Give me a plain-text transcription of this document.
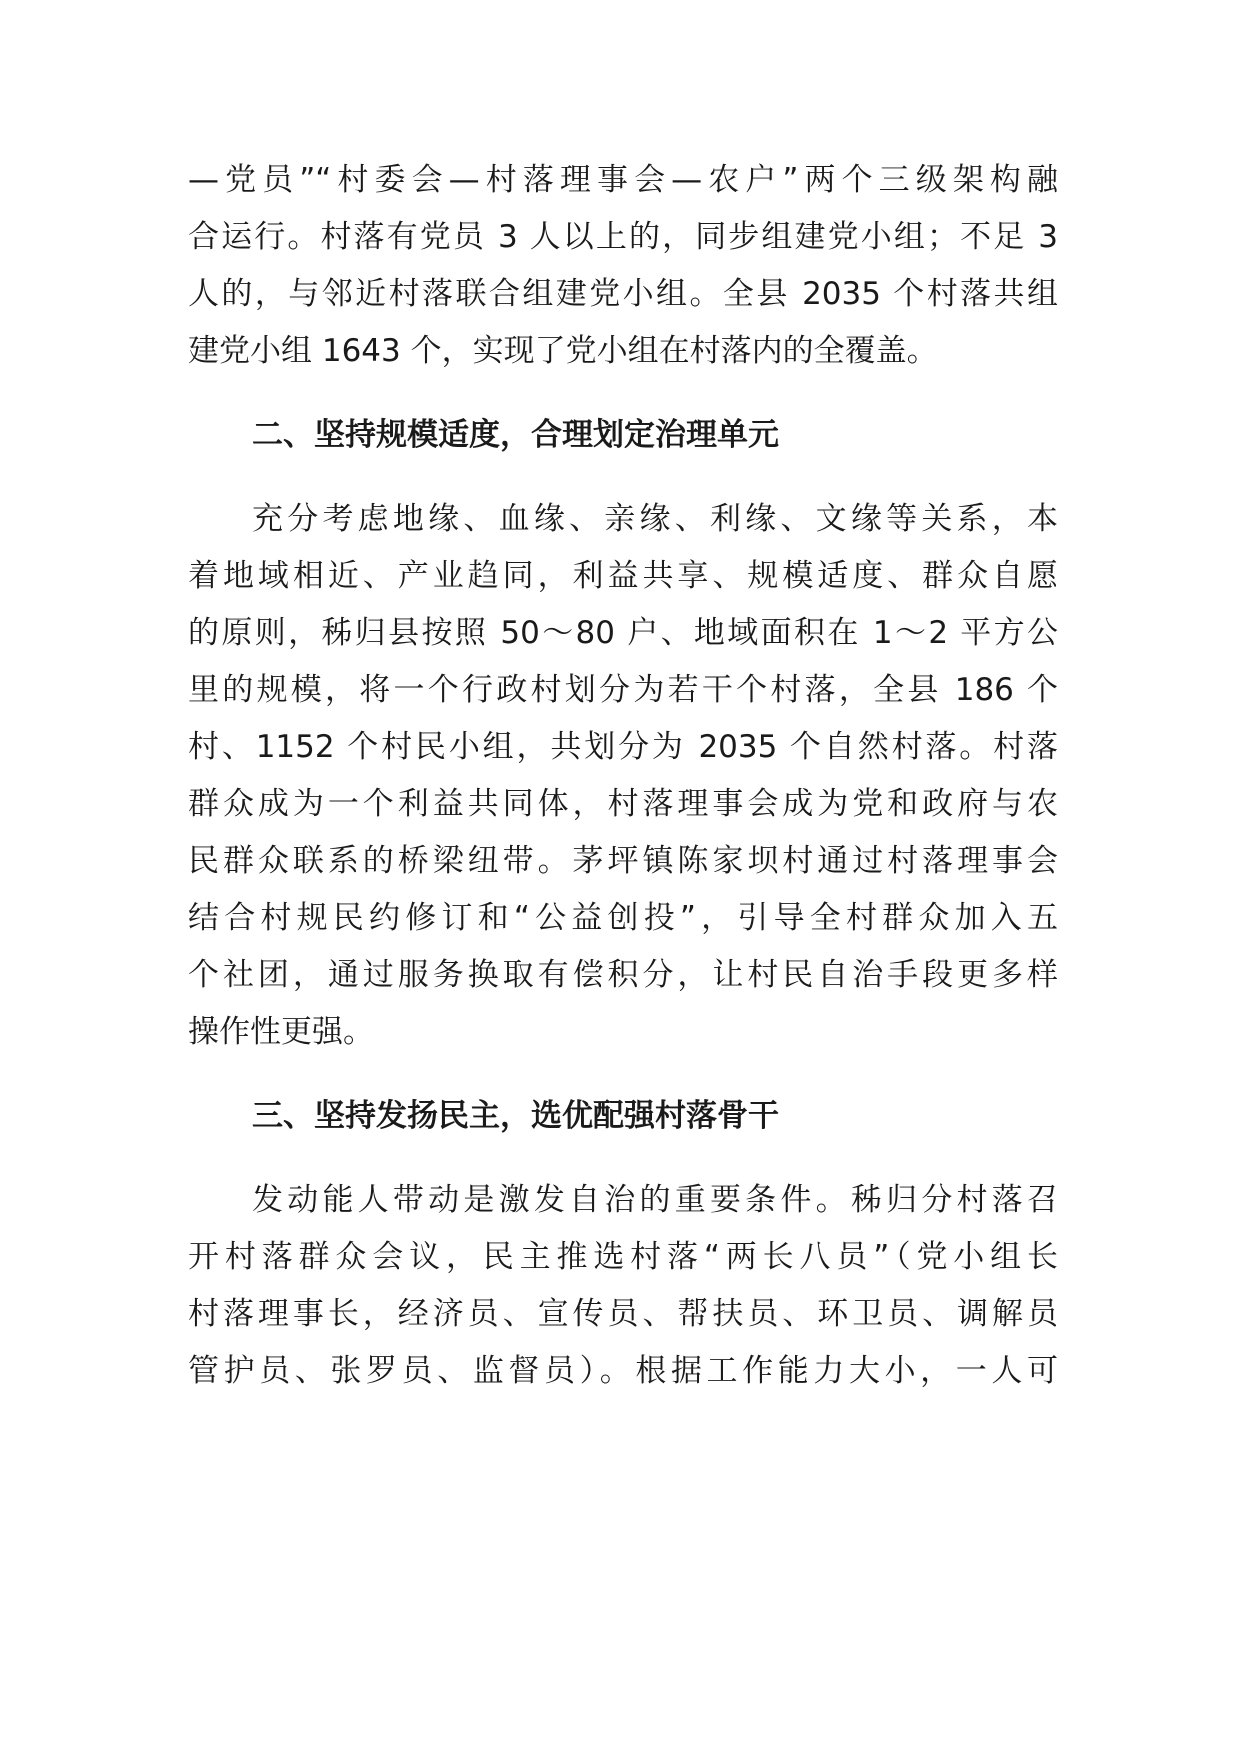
—党员”“村委会—村落理事会—农户”两个三级架构融
合运行。村落有党员 3 人以上的，同步组建党小组；不足 3
人的，与邻近村落联合组建党小组。全县 2035 个村落共组
建党小组 1643 个，实现了党小组在村落内的全覆盖。
二、坚持规模适度，合理划定治理单元
充分考虑地缘、血缘、亲缘、利缘、文缘等关系，本
着地域相近、产业趋同，利益共享、规模适度、群众自愿
的原则，秭归县按照 50～80 户、地域面积在 1～2 平方公
里的规模，将一个行政村划分为若干个村落，全县 186 个
村、1152 个村民小组，共划分为 2035 个自然村落。村落
群众成为一个利益共同体，村落理事会成为党和政府与农
民群众联系的桥梁纽带。茅坪镇陈家坝村通过村落理事会
结合村规民约修订和“公益创投”，引导全村群众加入五
个社团，通过服务换取有偿积分，让村民自治手段更多样
操作性更强。
三、坚持发扬民主，选优配强村落骨干
发动能人带动是激发自治的重要条件。秭归分村落召
开村落群众会议，民主推选村落“两长八员”（党小组长
村落理事长，经济员、宣传员、帮扶员、环卫员、调解员
管护员、张罗员、监督员）。根据工作能力大小，一人可
